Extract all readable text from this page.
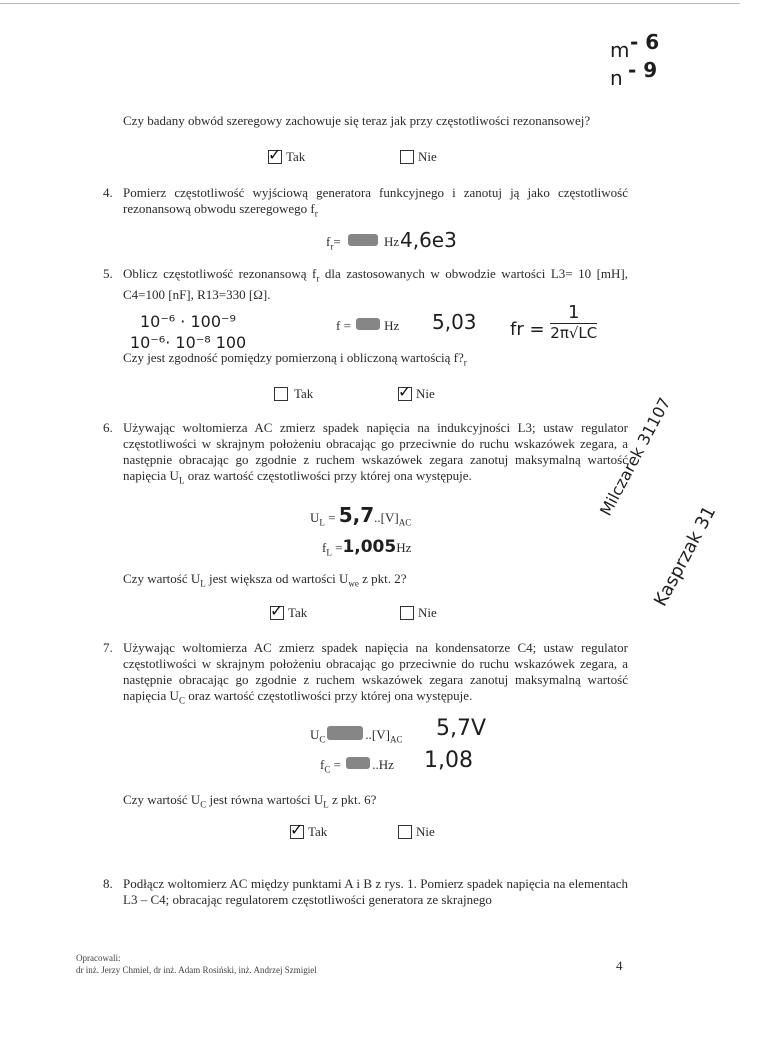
m - 6
n - 9
Czy badany obwód szeregowy zachowuje się teraz jak przy częstotliwości rezonansowej?
✓
Tak	Nie
4. Pomierz częstotliwość wyjściową generatora funkcyjnego i zanotuj ją jako częstotliwość rezonansową obwodu szeregowego $f_r$
$f_r=$	Hz 4,6e3
5. Oblicz częstotliwość rezonansową $f_r$ dla zastosowanych w obwodzie wartości L3= 10 [mH], C4=100 [nF], R13=330 [Ω].
10⁻⁶ · 100⁻⁹
10⁻⁶· 10⁻⁸ 100
f =	Hz 5,03 fr =
1
2π√LC
Czy jest zgodność pomiędzy pomierzoną i obliczoną wartością $f?_r$
Tak ✓	Nie
6. Używając woltomierza AC zmierz spadek napięcia na indukcyjności L3; ustaw regulator częstotliwości w skrajnym położeniu obracając go przeciwnie do ruchu wskazówek zegara, a następnie obracając go zgodnie z ruchem wskazówek zegara zanotuj maksymalną wartość napięcia $U_L$ oraz wartość częstotliwości przy której ona występuje.
$U_L = 5,7..[V]_{AC}$
$f_L =1,005Hz$
Czy wartość $U_L$ jest większa od wartości $U_{we}$ z pkt. 2?
✓
Tak	Nie
Milczarek 31107
Kasprzak 31
7. Używając woltomierza AC zmierz spadek napięcia na kondensatorze C4; ustaw regulator częstotliwości w skrajnym położeniu obracając go przeciwnie do ruchu wskazówek zegara, a następnie obracając go zgodnie z ruchem wskazówek zegara zanotuj maksymalną wartość napięcia $U_C$ oraz wartość częstotliwości przy której ona występuje.
$U_C$	$..[V]_{AC}$ 5,7V
$f_C$ =
..Hz 1,08
Czy wartość $U_C$ jest równa wartości $U_L$ z pkt. 6?
✓
Tak	Nie
8. Podłącz woltomierz AC między punktami A i B z rys. 1. Pomierz spadek napięcia na elementach L3 – C4; obracając regulatorem częstotliwości generatora ze skrajnego
Opracowali:
dr inż. Jerzy Chmiel, dr inż. Adam Rosiński, inż. Andrzej Szmigiel	4
